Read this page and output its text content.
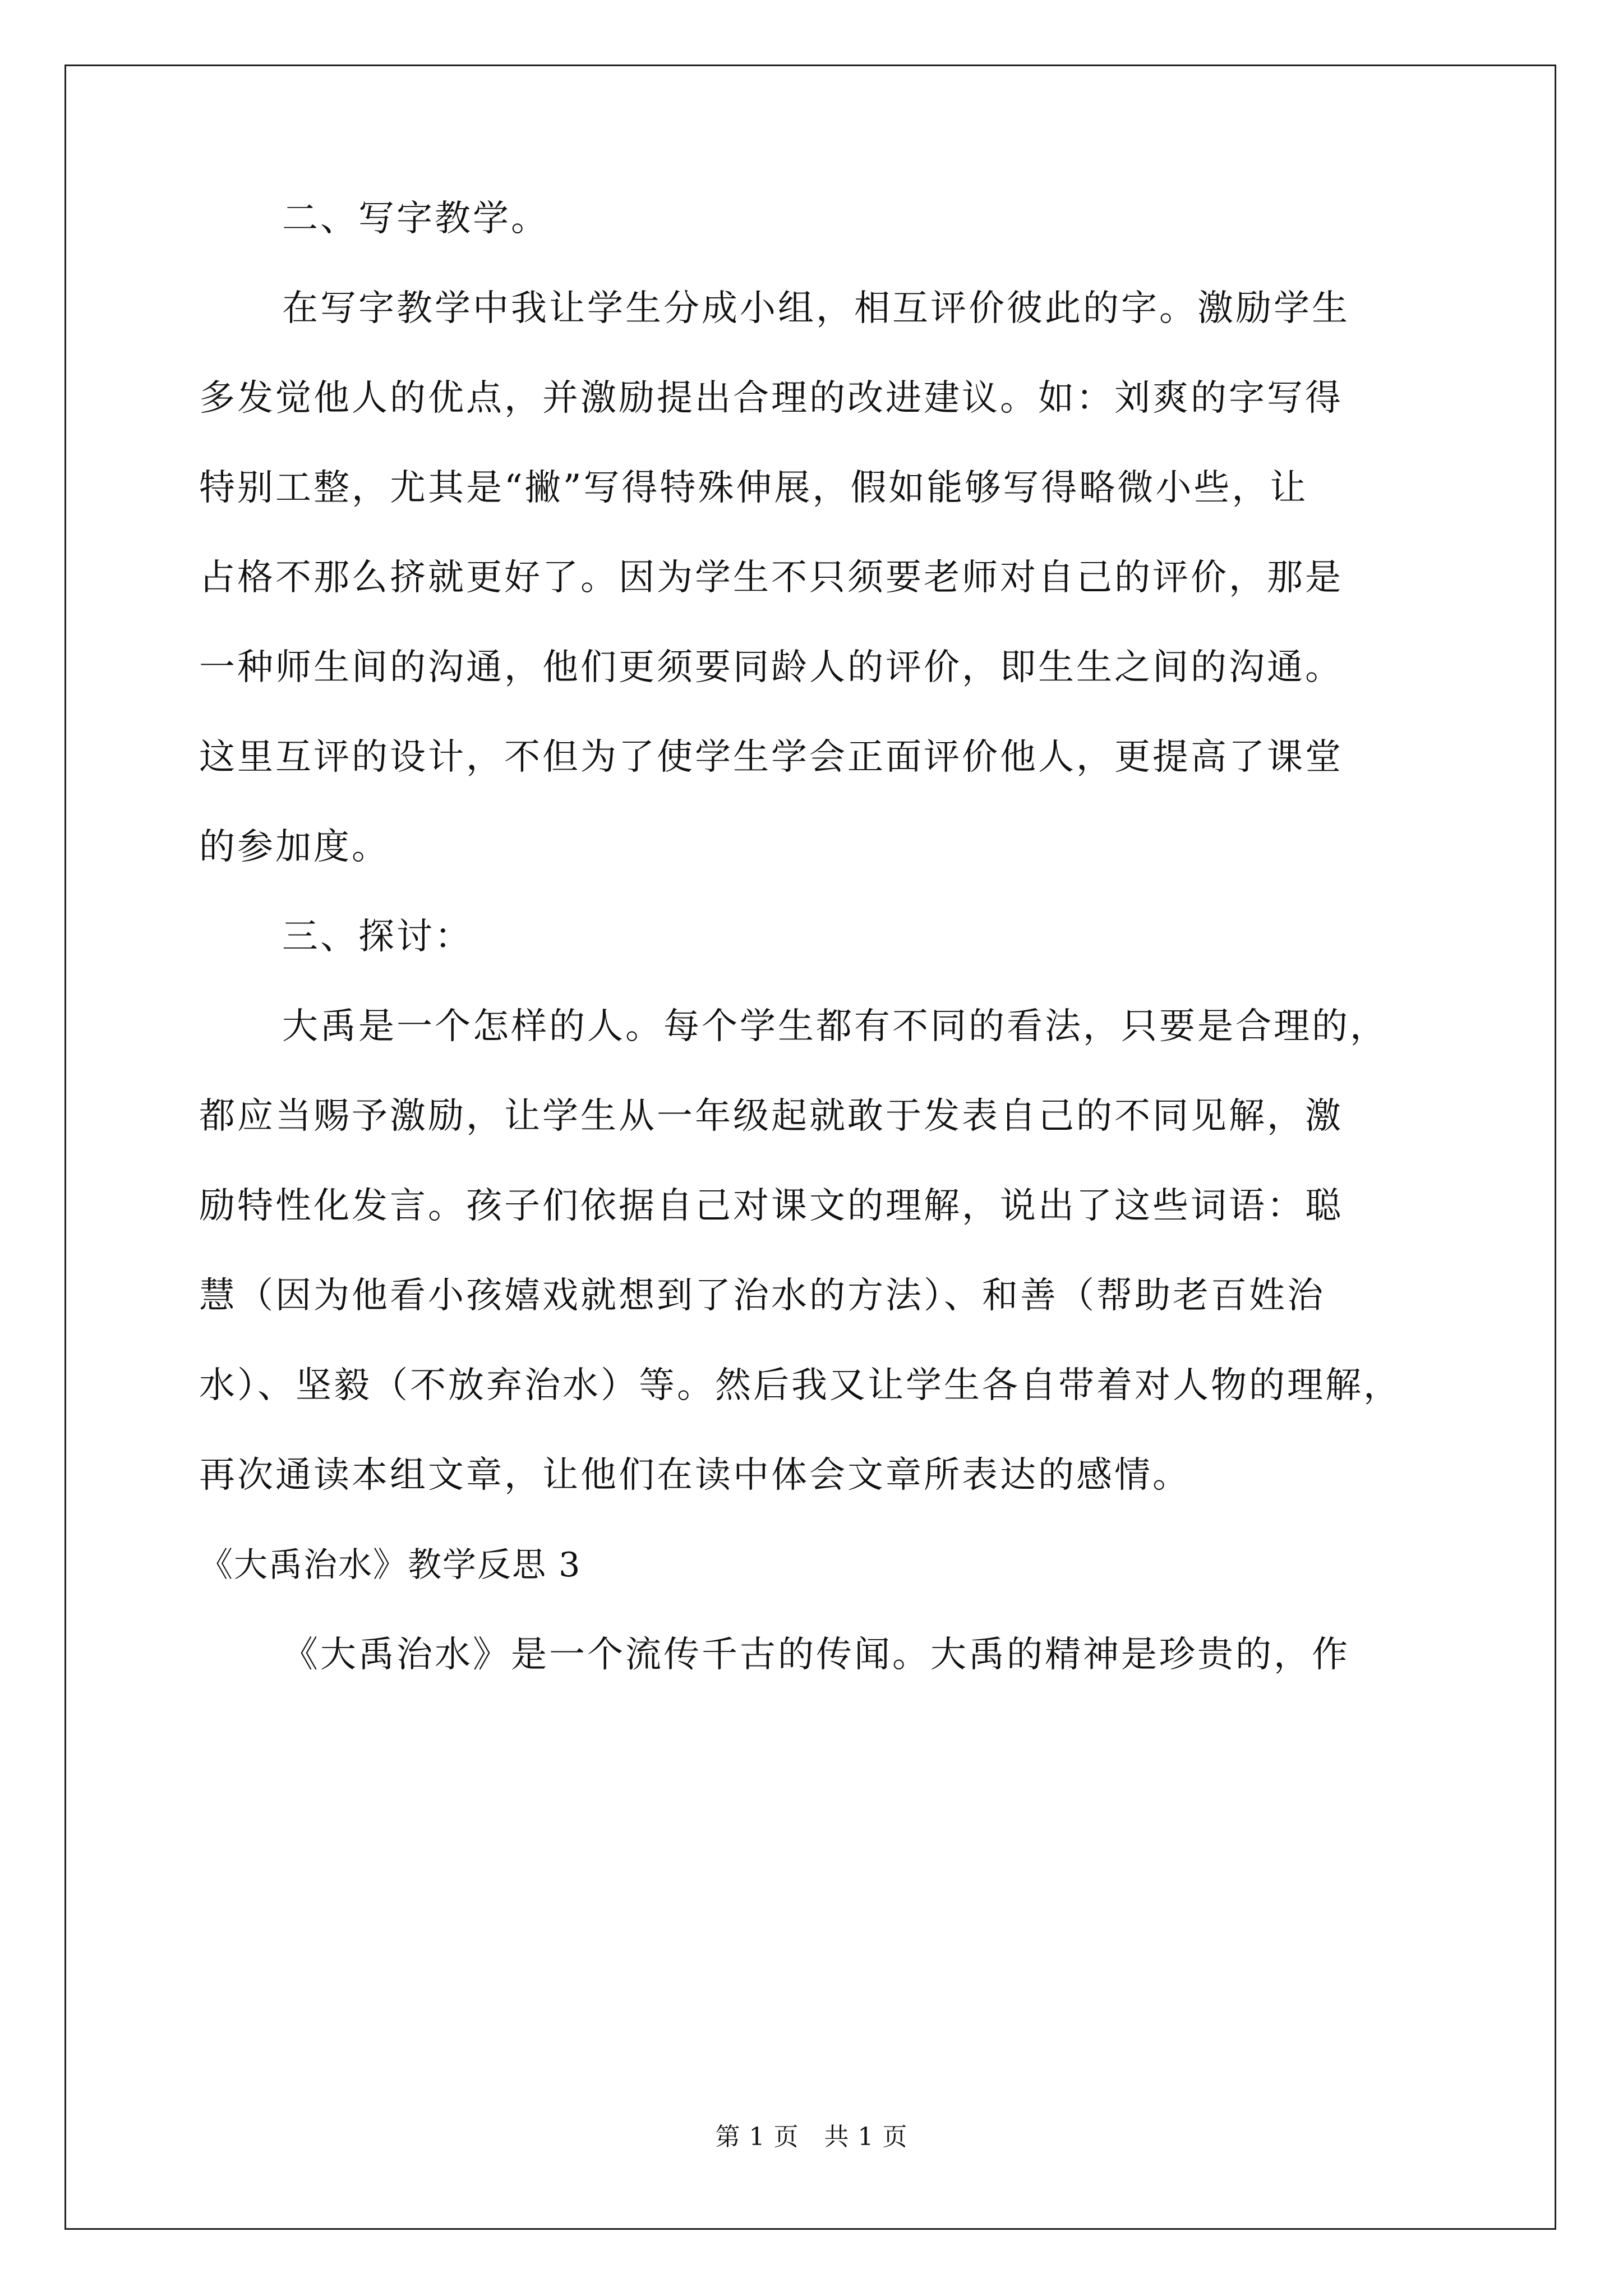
二、写字教学。
在写字教学中我让学生分成小组，相互评价彼此的字。激励学生
多发觉他人的优点，并激励提出合理的改进建议。如：刘爽的字写得
特别工整，尤其是“撇”写得特殊伸展，假如能够写得略微小些，让
占格不那么挤就更好了。因为学生不只须要老师对自己的评价，那是
一种师生间的沟通，他们更须要同龄人的评价，即生生之间的沟通。
这里互评的设计，不但为了使学生学会正面评价他人，更提高了课堂
的参加度。
三、探讨：
大禹是一个怎样的人。每个学生都有不同的看法，只要是合理的，
都应当赐予激励，让学生从一年级起就敢于发表自己的不同见解，激
励特性化发言。孩子们依据自己对课文的理解，说出了这些词语：聪
慧（因为他看小孩嬉戏就想到了治水的方法）、和善（帮助老百姓治
水）、坚毅（不放弃治水）等。然后我又让学生各自带着对人物的理解，
再次通读本组文章，让他们在读中体会文章所表达的感情。
《大禹治水》教学反思 3
《大禹治水》是一个流传千古的传闻。大禹的精神是珍贵的，作
第 1 页　共 1 页
